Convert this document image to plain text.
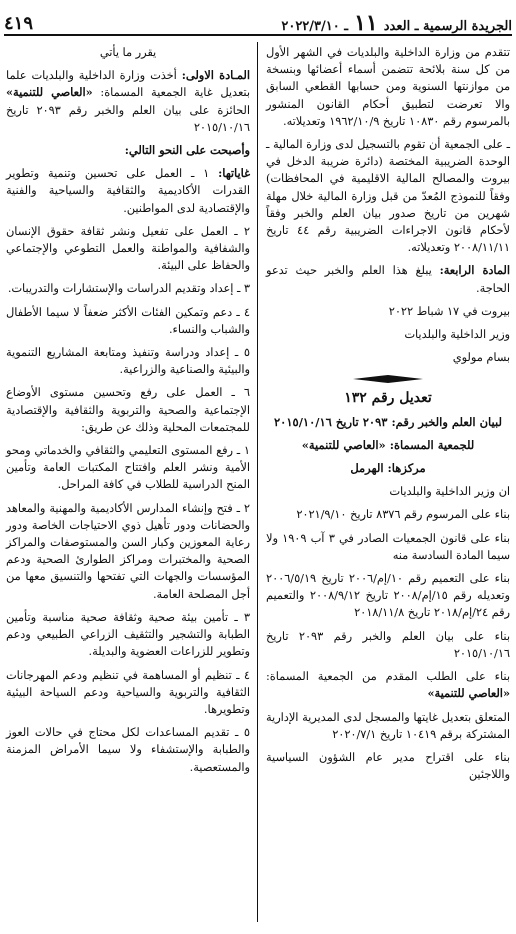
الجريدة الرسمية ـ العدد
١١
ـ ٢٠٢٢/٣/١٠
٤١٩

تتقدم من وزارة الداخلية والبلديات في الشهر الأول من كل سنة بلائحة تتضمن أسماء أعضائها وبنسخة من موازنتها السنوية ومن حسابها القطعي السابق والا تعرضت لتطبيق أحكام القانون المنشور بالمرسوم رقم ١٠٨٣٠ تاريخ ١٩٦٢/١٠/٩ وتعديلاته.

ـ على الجمعية أن تقوم بالتسجيل لدى وزارة المالية ـ الوحدة الضريبية المختصة (دائرة ضريبة الدخل في بيروت والمصالح المالية الاقليمية في المحافظات) وفقاً للنموذج المُعدّ من قبل وزارة المالية خلال مهلة شهرين من تاريخ صدور بيان العلم والخبر وفقاً لأحكام قانون الاجراءات الضريبية رقم ٤٤ تاريخ ٢٠٠٨/١١/١١ وتعديلاته.

المادة الرابعة: يبلغ هذا العلم والخبر حيث تدعو الحاجة.

بيروت في ١٧ شباط ٢٠٢٢

وزير الداخلية والبلديات

بسام مولوي

تعديل رقم ١٣٢

لبيان العلم والخبر رقم: ٢٠٩٣ تاريخ ٢٠١٥/١٠/١٦

للجمعية المسماة: «العاصي للتنمية»

مركزها: الهرمل

ان وزير الداخلية والبلديات

بناء على المرسوم رقم ٨٣٧٦ تاريخ ٢٠٢١/٩/١٠

بناء على قانون الجمعيات الصادر في ٣ آب ١٩٠٩ ولا سيما المادة السادسة منه

بناء على التعميم رقم ١٠/إم/٢٠٠٦ تاريخ ٢٠٠٦/٥/١٩ وتعديله رقم ١٥/إم/٢٠٠٨ تاريخ ٢٠٠٨/٩/١٢ والتعميم رقم ٢٤/إم/٢٠١٨ تاريخ ٢٠١٨/١١/٨

بناء على بيان العلم والخبر رقم ٢٠٩٣ تاريخ ٢٠١٥/١٠/١٦

بناء على الطلب المقدم من الجمعية المسماة: «العاصي للتنمية»

المتعلق بتعديل غايتها والمسجل لدى المديرية الإدارية المشتركة برقم ١٠٤١٩ تاريخ ٢٠٢٠/٧/١

بناء على اقتراح مدير عام الشؤون السياسية واللاجئين

يقرر ما يأتي

المـادة الاولى: أخذت وزارة الداخلية والبلديات علما بتعديل غاية الجمعية المسماة: «العاصي للتنمية» الحائزة على بيان العلم والخبر رقم ٢٠٩٣ تاريخ ٢٠١٥/١٠/١٦

وأصبحت على النحو التالي:

غاياتها: ١ ـ العمل على تحسين وتنمية وتطوير القدرات الأكاديمية والثقافية والسياحية والفنية والإقتصادية لدى المواطنين.

٢ ـ العمل على تفعيل ونشر ثقافة حقوق الإنسان والشفافية والمواطنة والعمل التطوعي والإجتماعي والحفاظ على البيئة.

٣ ـ إعداد وتقديم الدراسات والإستشارات والتدريبات.

٤ ـ دعم وتمكين الفئات الأكثر ضعفاً لا سيما الأطفال والشباب والنساء.

٥ ـ إعداد ودراسة وتنفيذ ومتابعة المشاريع التنموية والبيئية والصناعية والزراعية.

٦ ـ العمل على رفع وتحسين مستوى الأوضاع الإجتماعية والصحية والتربوية والثقافية والإقتصادية للمجتمعات المحلية وذلك عن طريق:

١ ـ رفع المستوى التعليمي والثقافي والخدماتي ومحو الأمية ونشر العلم وافتتاح المكتبات العامة وتأمين المنح الدراسية للطلاب في كافة المراحل.

٢ ـ فتح وإنشاء المدارس الأكاديمية والمهنية والمعاهد والحضانات ودور تأهيل ذوي الاحتياجات الخاصة ودور رعاية المعوزين وكبار السن والمستوصفات والمراكز الصحية والمختبرات ومراكز الطوارئ الصحية ودعم المؤسسات والجهات التي تفتحها والتنسيق معها من أجل المصلحة العامة.

٣ ـ تأمين بيئة صحية وثقافة صحية مناسبة وتأمين الطبابة والتشجير والتثقيف الزراعي الطبيعي ودعم وتطوير للزراعات العضوية والبديلة.

٤ ـ تنظيم أو المساهمة في تنظيم ودعم المهرجانات الثقافية والتربوية والسياحية ودعم السياحة البيئية وتطويرها.

٥ ـ تقديم المساعدات لكل محتاج في حالات العوز والطبابة والإستشفاء ولا سيما الأمراض المزمنة والمستعصية.
